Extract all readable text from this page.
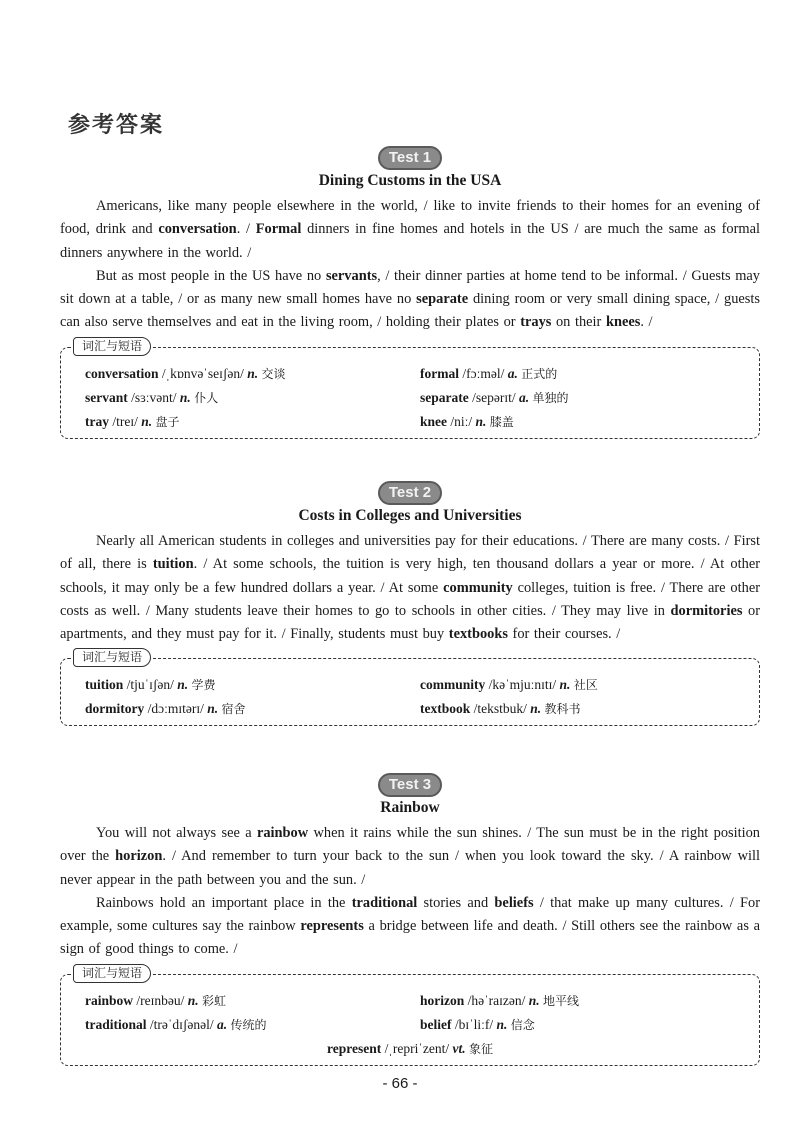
参考答案
Test 1
Dining Customs in the USA

Americans, like many people elsewhere in the world, / like to invite friends to their homes for an evening of food, drink and conversation. / Formal dinners in fine homes and hotels in the US / are much the same as formal dinners anywhere in the world. /

But as most people in the US have no servants, / their dinner parties at home tend to be informal. / Guests may sit down at a table, / or as many new small homes have no separate dining room or very small dining space, / guests can also serve themselves and eat in the living room, / holding their plates or trays on their knees. /

词汇与短语
conversation /ˌkɒnvəˈseɪʃən/ n. 交谈	formal /fɔːməl/ a. 正式的
servant /sɜːvənt/ n. 仆人	separate /sepərɪt/ a. 单独的
tray /treɪ/ n. 盘子	knee /niː/ n. 膝盖
Test 2
Costs in Colleges and Universities

Nearly all American students in colleges and universities pay for their educations. / There are many costs. / First of all, there is tuition. / At some schools, the tuition is very high, ten thousand dollars a year or more. / At other schools, it may only be a few hundred dollars a year. / At some community colleges, tuition is free. / There are other costs as well. / Many students leave their homes to go to schools in other cities. / They may live in dormitories or apartments, and they must pay for it. / Finally, students must buy textbooks for their courses. /

词汇与短语
tuition /tjuˈɪʃən/ n. 学费	community /kəˈmjuːnɪtɪ/ n. 社区
dormitory /dɔːmɪtərɪ/ n. 宿舍	textbook /tekstbuk/ n. 教科书
Test 3
Rainbow

You will not always see a rainbow when it rains while the sun shines. / The sun must be in the right position over the horizon. / And remember to turn your back to the sun / when you look toward the sky. / A rainbow will never appear in the path between you and the sun. /

Rainbows hold an important place in the traditional stories and beliefs / that make up many cultures. / For example, some cultures say the rainbow represents a bridge between life and death. / Still others see the rainbow as a sign of good things to come. /

词汇与短语
rainbow /reɪnbəu/ n. 彩虹	horizon /həˈraɪzən/ n. 地平线
traditional /trəˈdɪʃənəl/ a. 传统的	belief /bɪˈliːf/ n. 信念
represent /ˌrepriˈzent/ vt. 象征
- 66 -
